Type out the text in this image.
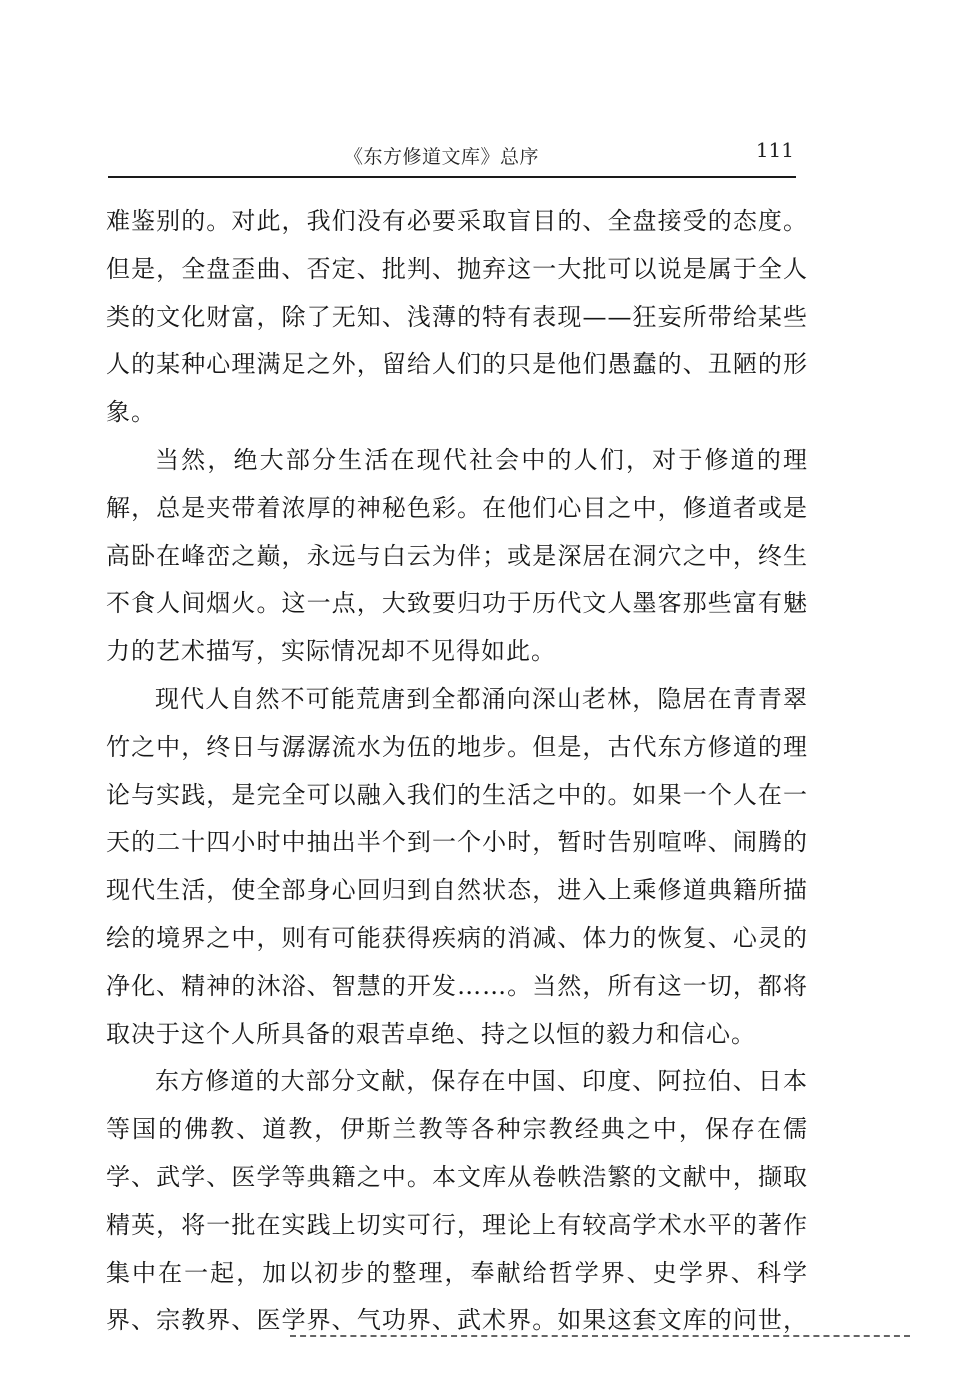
《东方修道文库》总序	111
难鉴别的。对此，我们没有必要采取盲目的、全盘接受的态度。
但是，全盘歪曲、否定、批判、抛弃这一大批可以说是属于全人
类的文化财富，除了无知、浅薄的特有表现——狂妄所带给某些
人的某种心理满足之外，留给人们的只是他们愚蠢的、丑陋的形
象。
当然，绝大部分生活在现代社会中的人们，对于修道的理
解，总是夹带着浓厚的神秘色彩。在他们心目之中，修道者或是
高卧在峰峦之巅，永远与白云为伴；或是深居在洞穴之中，终生
不食人间烟火。这一点，大致要归功于历代文人墨客那些富有魅
力的艺术描写，实际情况却不见得如此。
现代人自然不可能荒唐到全都涌向深山老林，隐居在青青翠
竹之中，终日与潺潺流水为伍的地步。但是，古代东方修道的理
论与实践，是完全可以融入我们的生活之中的。如果一个人在一
天的二十四小时中抽出半个到一个小时，暂时告别喧哗、闹腾的
现代生活，使全部身心回归到自然状态，进入上乘修道典籍所描
绘的境界之中，则有可能获得疾病的消减、体力的恢复、心灵的
净化、精神的沐浴、智慧的开发……。当然，所有这一切，都将
取决于这个人所具备的艰苦卓绝、持之以恒的毅力和信心。
东方修道的大部分文献，保存在中国、印度、阿拉伯、日本
等国的佛教、道教，伊斯兰教等各种宗教经典之中，保存在儒
学、武学、医学等典籍之中。本文库从卷帙浩繁的文献中，撷取
精英，将一批在实践上切实可行，理论上有较高学术水平的著作
集中在一起，加以初步的整理，奉献给哲学界、史学界、科学
界、宗教界、医学界、气功界、武术界。如果这套文库的问世，
